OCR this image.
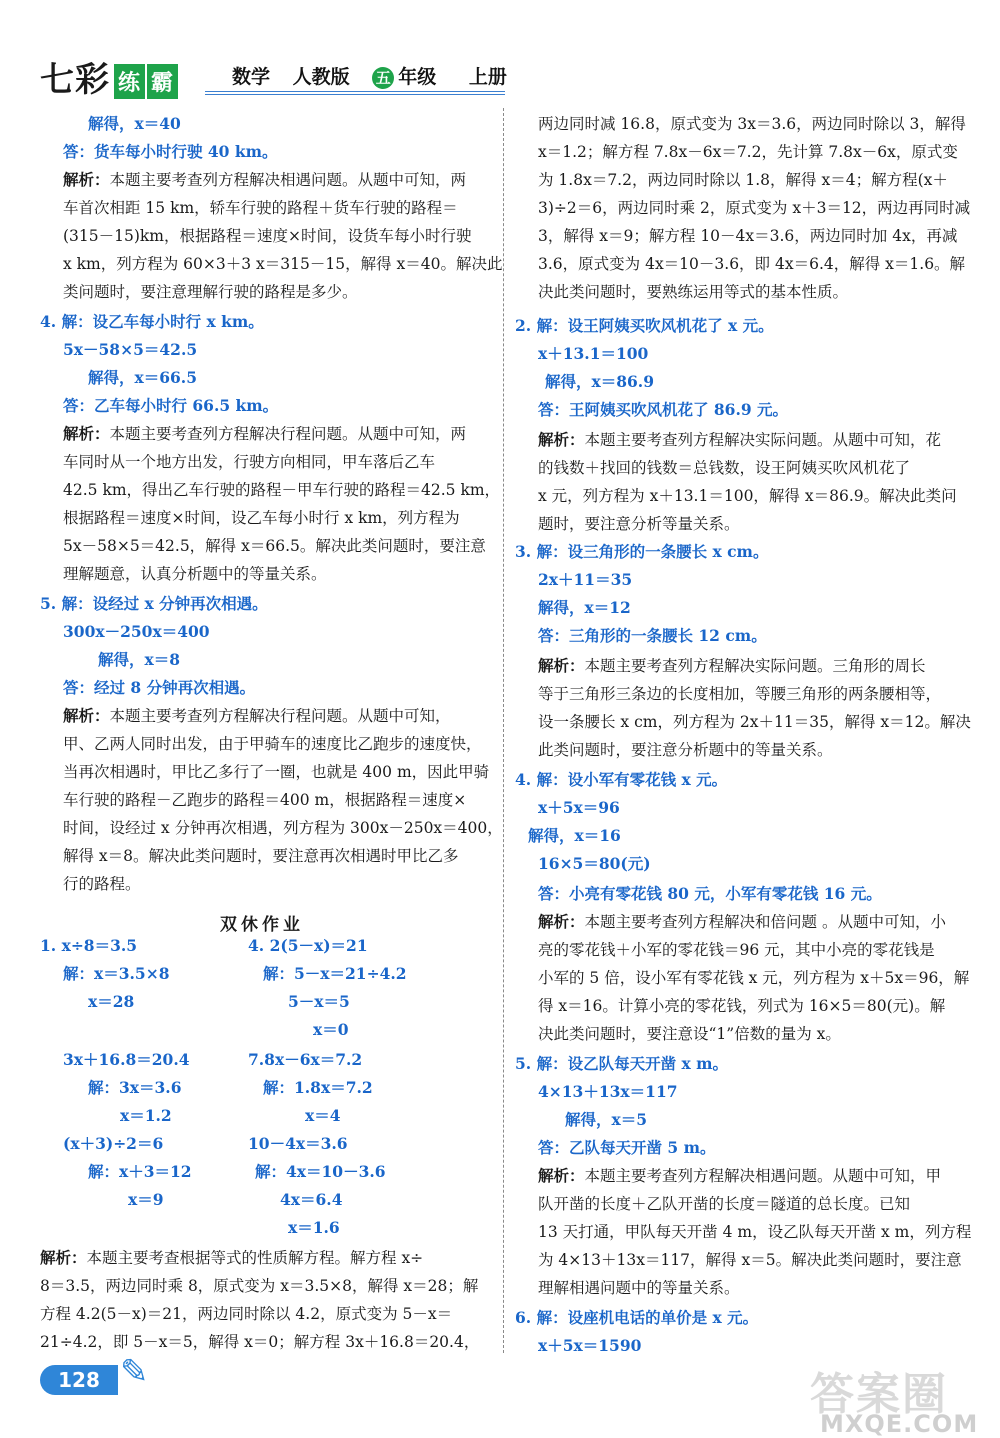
七彩 练 霸	数学 人教版 五 年级 上册
解得，x＝40
答：货车每小时行驶 40 km。
解析：本题主要考查列方程解决相遇问题。从题中可知，两
车首次相距 15 km，轿车行驶的路程＋货车行驶的路程＝
(315－15)km，根据路程＝速度×时间，设货车每小时行驶
x km，列方程为 60×3＋3 x＝315－15，解得 x＝40。解决此
类问题时，要注意理解行驶的路程是多少。
4. 解：设乙车每小时行 x km。
5x－58×5＝42.5
解得，x＝66.5
答：乙车每小时行 66.5 km。
解析：本题主要考查列方程解决行程问题。从题中可知，两
车同时从一个地方出发，行驶方向相同，甲车落后乙车
42.5 km，得出乙车行驶的路程－甲车行驶的路程＝42.5 km，
根据路程＝速度×时间，设乙车每小时行 x km，列方程为
5x－58×5＝42.5，解得 x＝66.5。解决此类问题时，要注意
理解题意，认真分析题中的等量关系。
5. 解：设经过 x 分钟再次相遇。
300x－250x＝400
解得，x＝8
答：经过 8 分钟再次相遇。
解析：本题主要考查列方程解决行程问题。从题中可知，
甲、乙两人同时出发，由于甲骑车的速度比乙跑步的速度快，
当再次相遇时，甲比乙多行了一圈，也就是 400 m，因此甲骑
车行驶的路程－乙跑步的路程＝400 m，根据路程＝速度×
时间，设经过 x 分钟再次相遇，列方程为 300x－250x＝400，
解得 x＝8。解决此类问题时，要注意再次相遇时甲比乙多
行的路程。
1. x÷8＝3.5
解：x＝3.5×8
x＝28
3x＋16.8＝20.4
解：3x＝3.6
x＝1.2
(x＋3)÷2＝6
解：x＋3＝12
x＝9
4. 2(5－x)＝21
解：5－x＝21÷4.2
5－x＝5
x＝0
7.8x－6x＝7.2
解：1.8x＝7.2
x＝4
10－4x＝3.6
解：4x＝10－3.6
4x＝6.4
x＝1.6
解析：本题主要考查根据等式的性质解方程。解方程 x÷
8＝3.5，两边同时乘 8，原式变为 x＝3.5×8，解得 x＝28；解
方程 4.2(5－x)＝21，两边同时除以 4.2，原式变为 5－x＝
21÷4.2，即 5－x＝5，解得 x＝0；解方程 3x＋16.8＝20.4，
双休作业
两边同时减 16.8，原式变为 3x＝3.6，两边同时除以 3，解得
x＝1.2；解方程 7.8x－6x＝7.2，先计算 7.8x－6x，原式变
为 1.8x＝7.2，两边同时除以 1.8，解得 x＝4；解方程(x＋
3)÷2＝6，两边同时乘 2，原式变为 x＋3＝12，两边再同时减
3，解得 x＝9；解方程 10－4x＝3.6，两边同时加 4x，再减
3.6，原式变为 4x＝10－3.6，即 4x＝6.4，解得 x＝1.6。解
决此类问题时，要熟练运用等式的基本性质。
2. 解：设王阿姨买吹风机花了 x 元。
x＋13.1＝100
解得，x＝86.9
答：王阿姨买吹风机花了 86.9 元。
解析：本题主要考查列方程解决实际问题。从题中可知，花
的钱数＋找回的钱数＝总钱数，设王阿姨买吹风机花了
x 元，列方程为 x＋13.1＝100，解得 x＝86.9。解决此类问
题时，要注意分析等量关系。
3. 解：设三角形的一条腰长 x cm。
2x＋11＝35
解得，x＝12
答：三角形的一条腰长 12 cm。
解析：本题主要考查列方程解决实际问题。三角形的周长
等于三角形三条边的长度相加，等腰三角形的两条腰相等，
设一条腰长 x cm，列方程为 2x＋11＝35，解得 x＝12。解决
此类问题时，要注意分析题中的等量关系。
4. 解：设小军有零花钱 x 元。
x＋5x＝96
解得，x＝16
16×5＝80(元)
答：小亮有零花钱 80 元，小军有零花钱 16 元。
解析：本题主要考查列方程解决和倍问题 。从题中可知，小
亮的零花钱＋小军的零花钱＝96 元，其中小亮的零花钱是
小军的 5 倍，设小军有零花钱 x 元，列方程为 x＋5x＝96，解
得 x＝16。计算小亮的零花钱，列式为 16×5＝80(元)。解
决此类问题时，要注意设“1”倍数的量为 x。
5. 解：设乙队每天开凿 x m。
4×13＋13x＝117
解得，x＝5
答：乙队每天开凿 5 m。
解析：本题主要考查列方程解决相遇问题。从题中可知，甲
队开凿的长度＋乙队开凿的长度＝隧道的总长度。已知
13 天打通，甲队每天开凿 4 m，设乙队每天开凿 x m，列方程
为 4×13＋13x＝117，解得 x＝5。解决此类问题时，要注意
理解相遇问题中的等量关系。
6. 解：设座机电话的单价是 x 元。
x＋5x＝1590
128 ✎	答案圈
MXQE.COM
